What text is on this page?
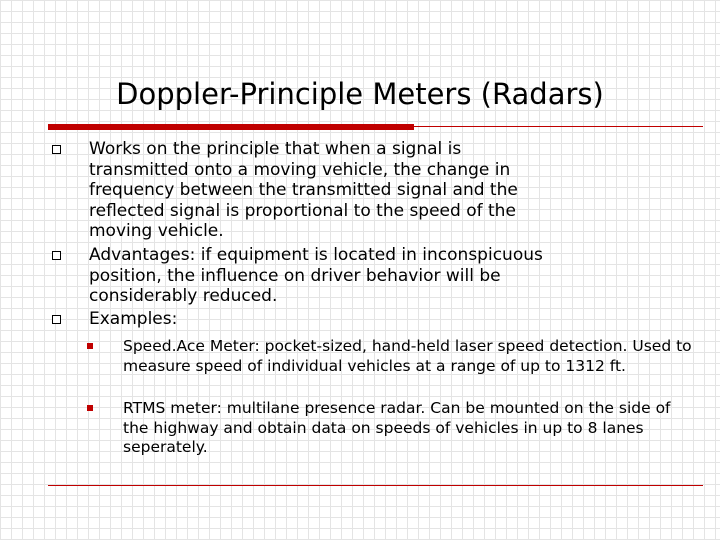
Doppler-Principle Meters (Radars)
Works on the principle that when a signal is
transmitted onto a moving vehicle, the change in
frequency between the transmitted signal and the
reflected signal is proportional to the speed of the
moving vehicle.
Advantages: if equipment is located in inconspicuous
position, the influence on driver behavior will be
considerably reduced.
Examples:
Speed.Ace Meter: pocket-sized, hand-held laser speed detection. Used to measure speed of individual vehicles at a range of up to 1312 ft.
RTMS meter: multilane presence radar. Can be mounted on the side of the highway and obtain data on speeds of vehicles in up to 8 lanes seperately.
